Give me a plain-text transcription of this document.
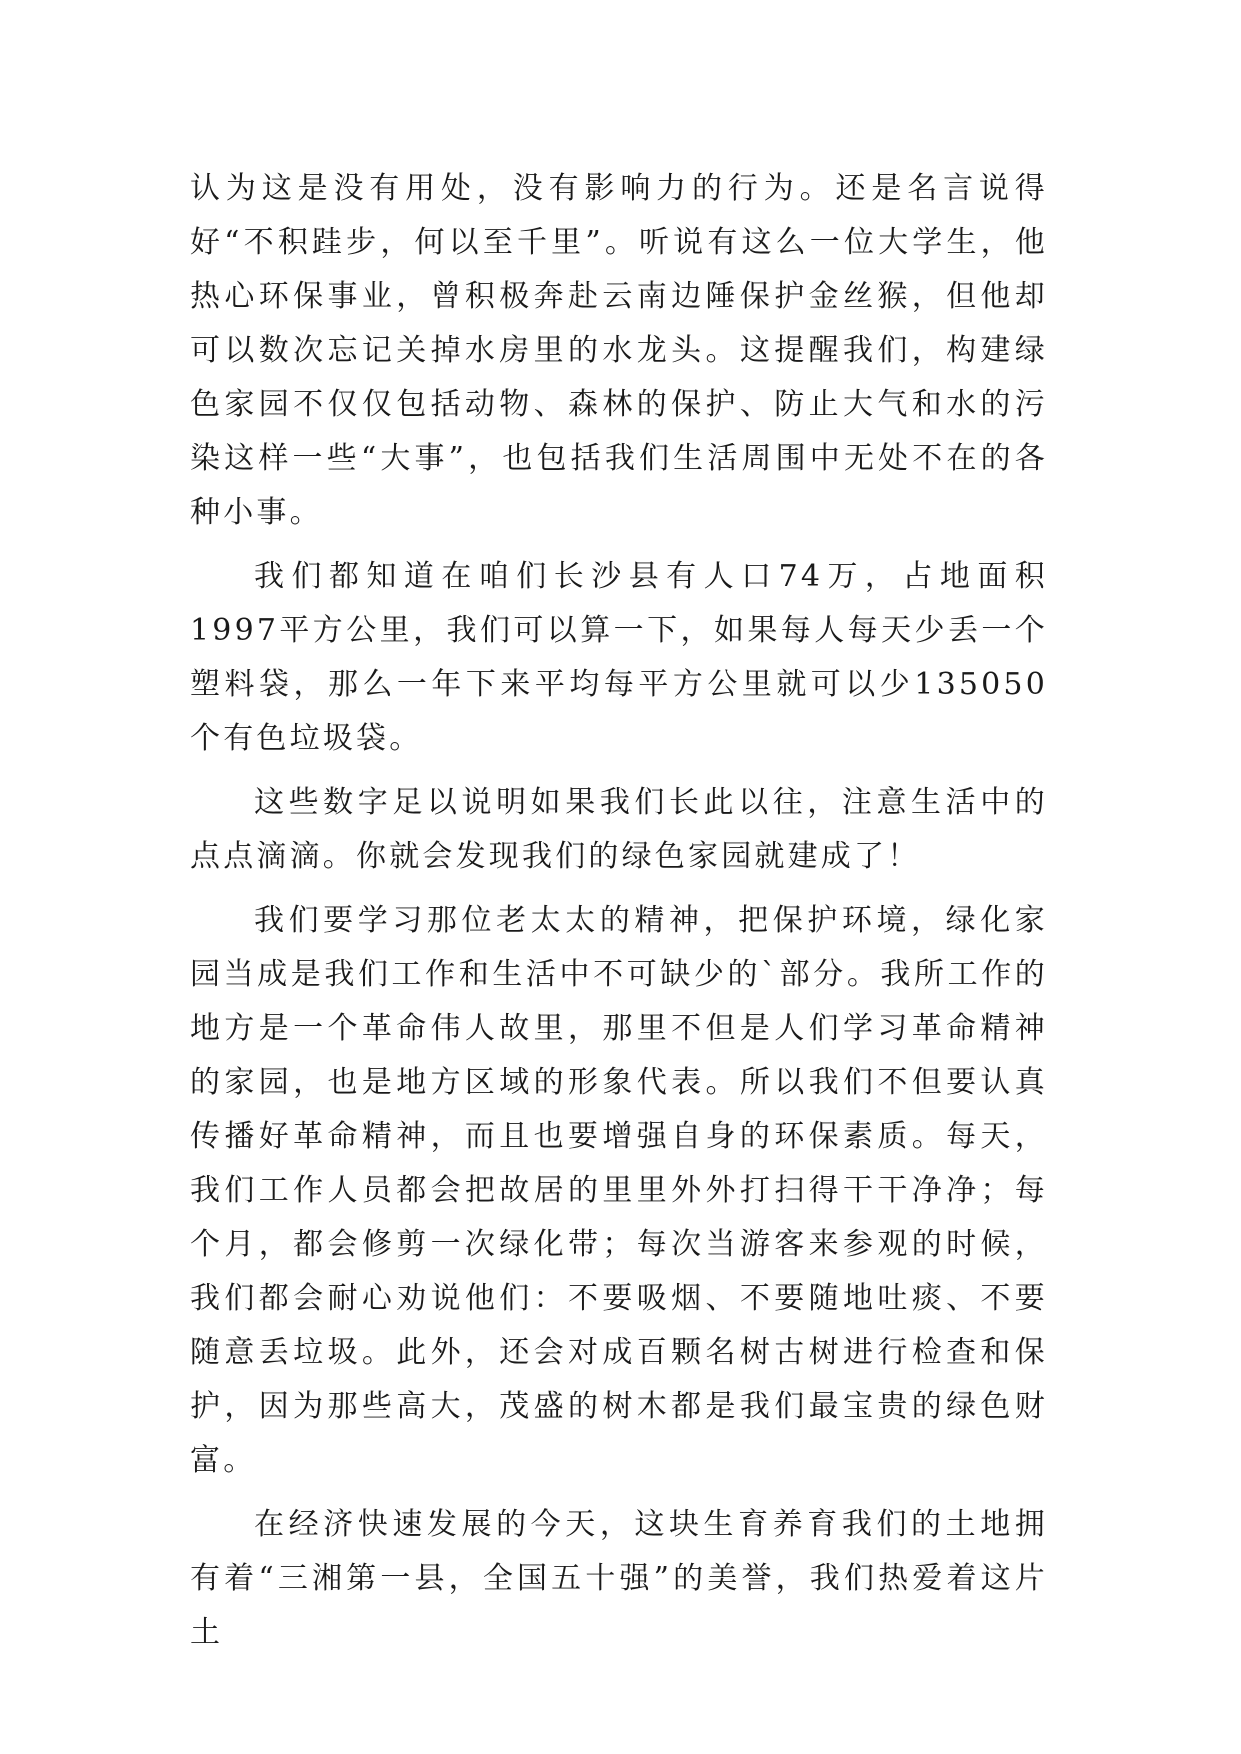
认为这是没有用处，没有影响力的行为。还是名言说得好“不积跬步，何以至千里”。听说有这么一位大学生，他热心环保事业，曾积极奔赴云南边陲保护金丝猴，但他却可以数次忘记关掉水房里的水龙头。这提醒我们，构建绿色家园不仅仅包括动物、森林的保护、防止大气和水的污染这样一些“大事”，也包括我们生活周围中无处不在的各种小事。

我们都知道在咱们长沙县有人口74万，占地面积1997平方公里，我们可以算一下，如果每人每天少丢一个塑料袋，那么一年下来平均每平方公里就可以少135050个有色垃圾袋。

这些数字足以说明如果我们长此以往，注意生活中的点点滴滴。你就会发现我们的绿色家园就建成了！

我们要学习那位老太太的精神，把保护环境，绿化家园当成是我们工作和生活中不可缺少的`部分。我所工作的地方是一个革命伟人故里，那里不但是人们学习革命精神的家园，也是地方区域的形象代表。所以我们不但要认真传播好革命精神，而且也要增强自身的环保素质。每天，我们工作人员都会把故居的里里外外打扫得干干净净；每个月，都会修剪一次绿化带；每次当游客来参观的时候，我们都会耐心劝说他们：不要吸烟、不要随地吐痰、不要随意丢垃圾。此外，还会对成百颗名树古树进行检查和保护，因为那些高大，茂盛的树木都是我们最宝贵的绿色财富。

在经济快速发展的今天，这块生育养育我们的土地拥有着“三湘第一县，全国五十强”的美誉，我们热爱着这片土
